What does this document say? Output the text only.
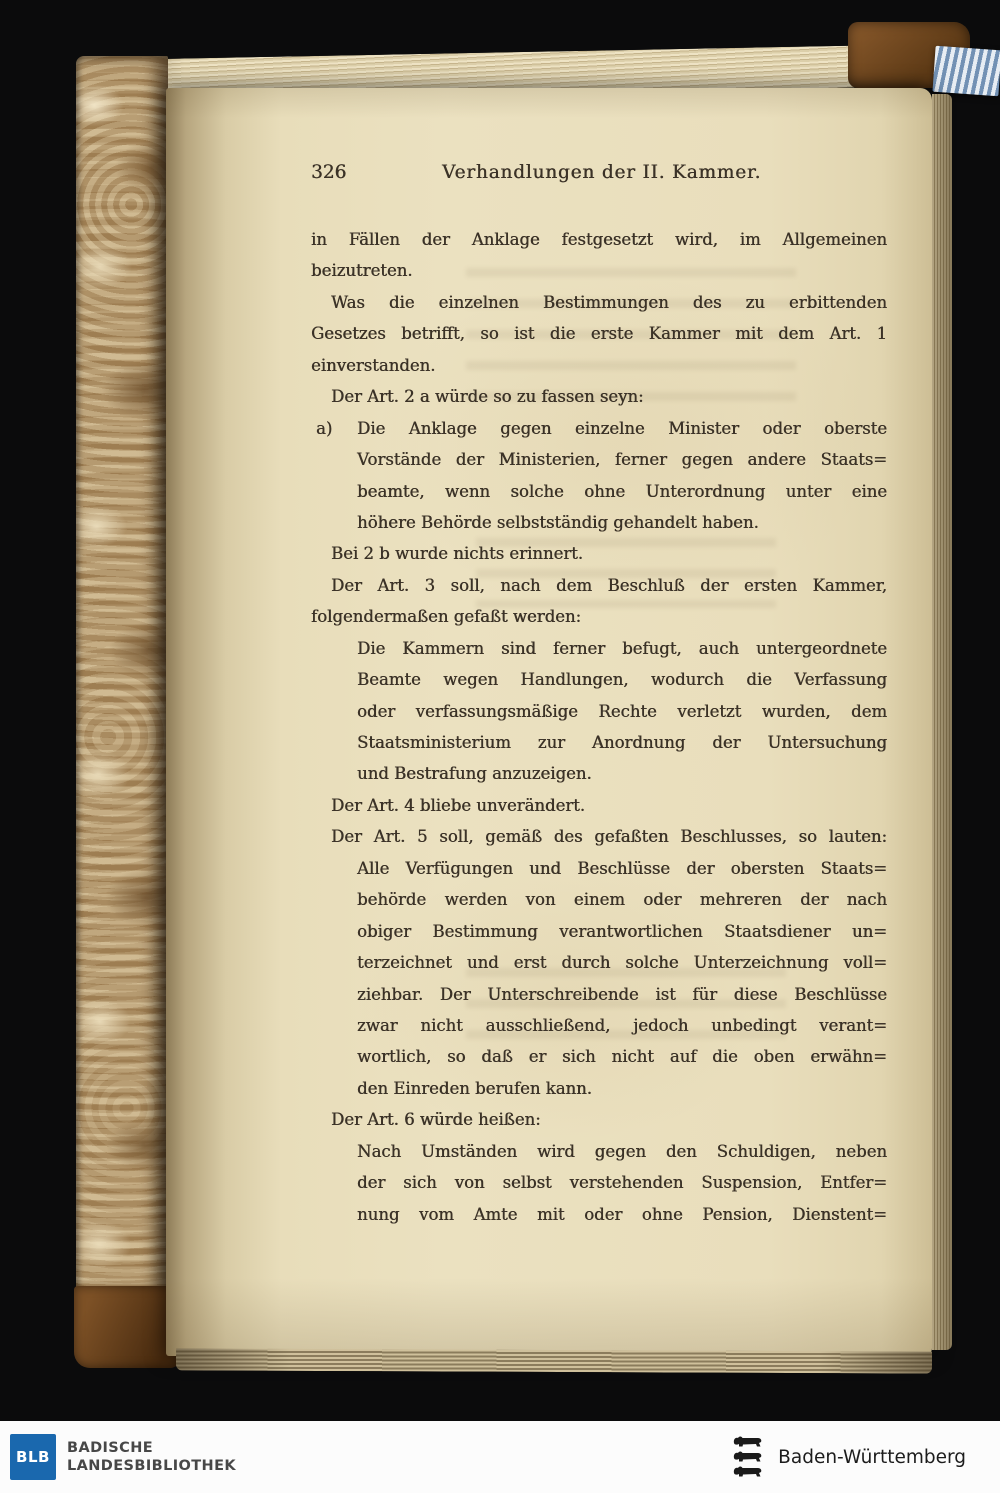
326	Verhandlungen der II. Kammer.
in Fällen der Anklage festgesetzt wird, im Allgemeinen
beizutreten.
Was die einzelnen Bestimmungen des zu erbittenden
Gesetzes betrifft, so ist die erste Kammer mit dem Art. 1
einverstanden.
Der Art. 2 a würde so zu fassen seyn:
a) Die Anklage gegen einzelne Minister oder oberste
Vorstände der Ministerien, ferner gegen andere Staats=
beamte, wenn solche ohne Unterordnung unter eine
höhere Behörde selbstständig gehandelt haben.
Bei 2 b wurde nichts erinnert.
Der Art. 3 soll, nach dem Beschluß der ersten Kammer,
folgendermaßen gefaßt werden:
Die Kammern sind ferner befugt, auch untergeordnete
Beamte wegen Handlungen, wodurch die Verfassung
oder verfassungsmäßige Rechte verletzt wurden, dem
Staatsministerium zur Anordnung der Untersuchung
und Bestrafung anzuzeigen.
Der Art. 4 bliebe unverändert.
Der Art. 5 soll, gemäß des gefaßten Beschlusses, so lauten:
Alle Verfügungen und Beschlüsse der obersten Staats=
behörde werden von einem oder mehreren der nach
obiger Bestimmung verantwortlichen Staatsdiener un=
terzeichnet und erst durch solche Unterzeichnung voll=
ziehbar. Der Unterschreibende ist für diese Beschlüsse
zwar nicht ausschließend, jedoch unbedingt verant=
wortlich, so daß er sich nicht auf die oben erwähn=
den Einreden berufen kann.
Der Art. 6 würde heißen:
Nach Umständen wird gegen den Schuldigen, neben
der sich von selbst verstehenden Suspension, Entfer=
nung vom Amte mit oder ohne Pension, Dienstent=
BLB	BADISCHE
LANDESBIBLIOTHEK	Baden-Württemberg
